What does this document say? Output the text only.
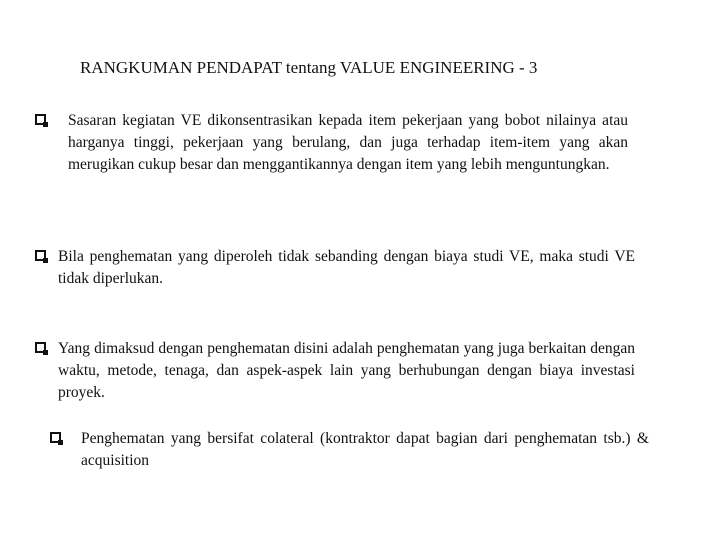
RANGKUMAN PENDAPAT tentang VALUE ENGINEERING - 3
Sasaran kegiatan VE dikonsentrasikan kepada item pekerjaan yang bobot nilainya atau harganya tinggi, pekerjaan yang berulang, dan juga terhadap item-item yang akan merugikan cukup besar dan menggantikannya dengan item yang lebih menguntungkan.
Bila penghematan yang diperoleh tidak sebanding dengan biaya studi VE, maka studi VE tidak diperlukan.
Yang dimaksud dengan penghematan disini adalah penghematan yang juga berkaitan dengan waktu, metode, tenaga, dan aspek-aspek lain yang berhubungan dengan biaya investasi proyek.
Penghematan yang bersifat colateral (kontraktor dapat bagian dari penghematan tsb.) & acquisition
